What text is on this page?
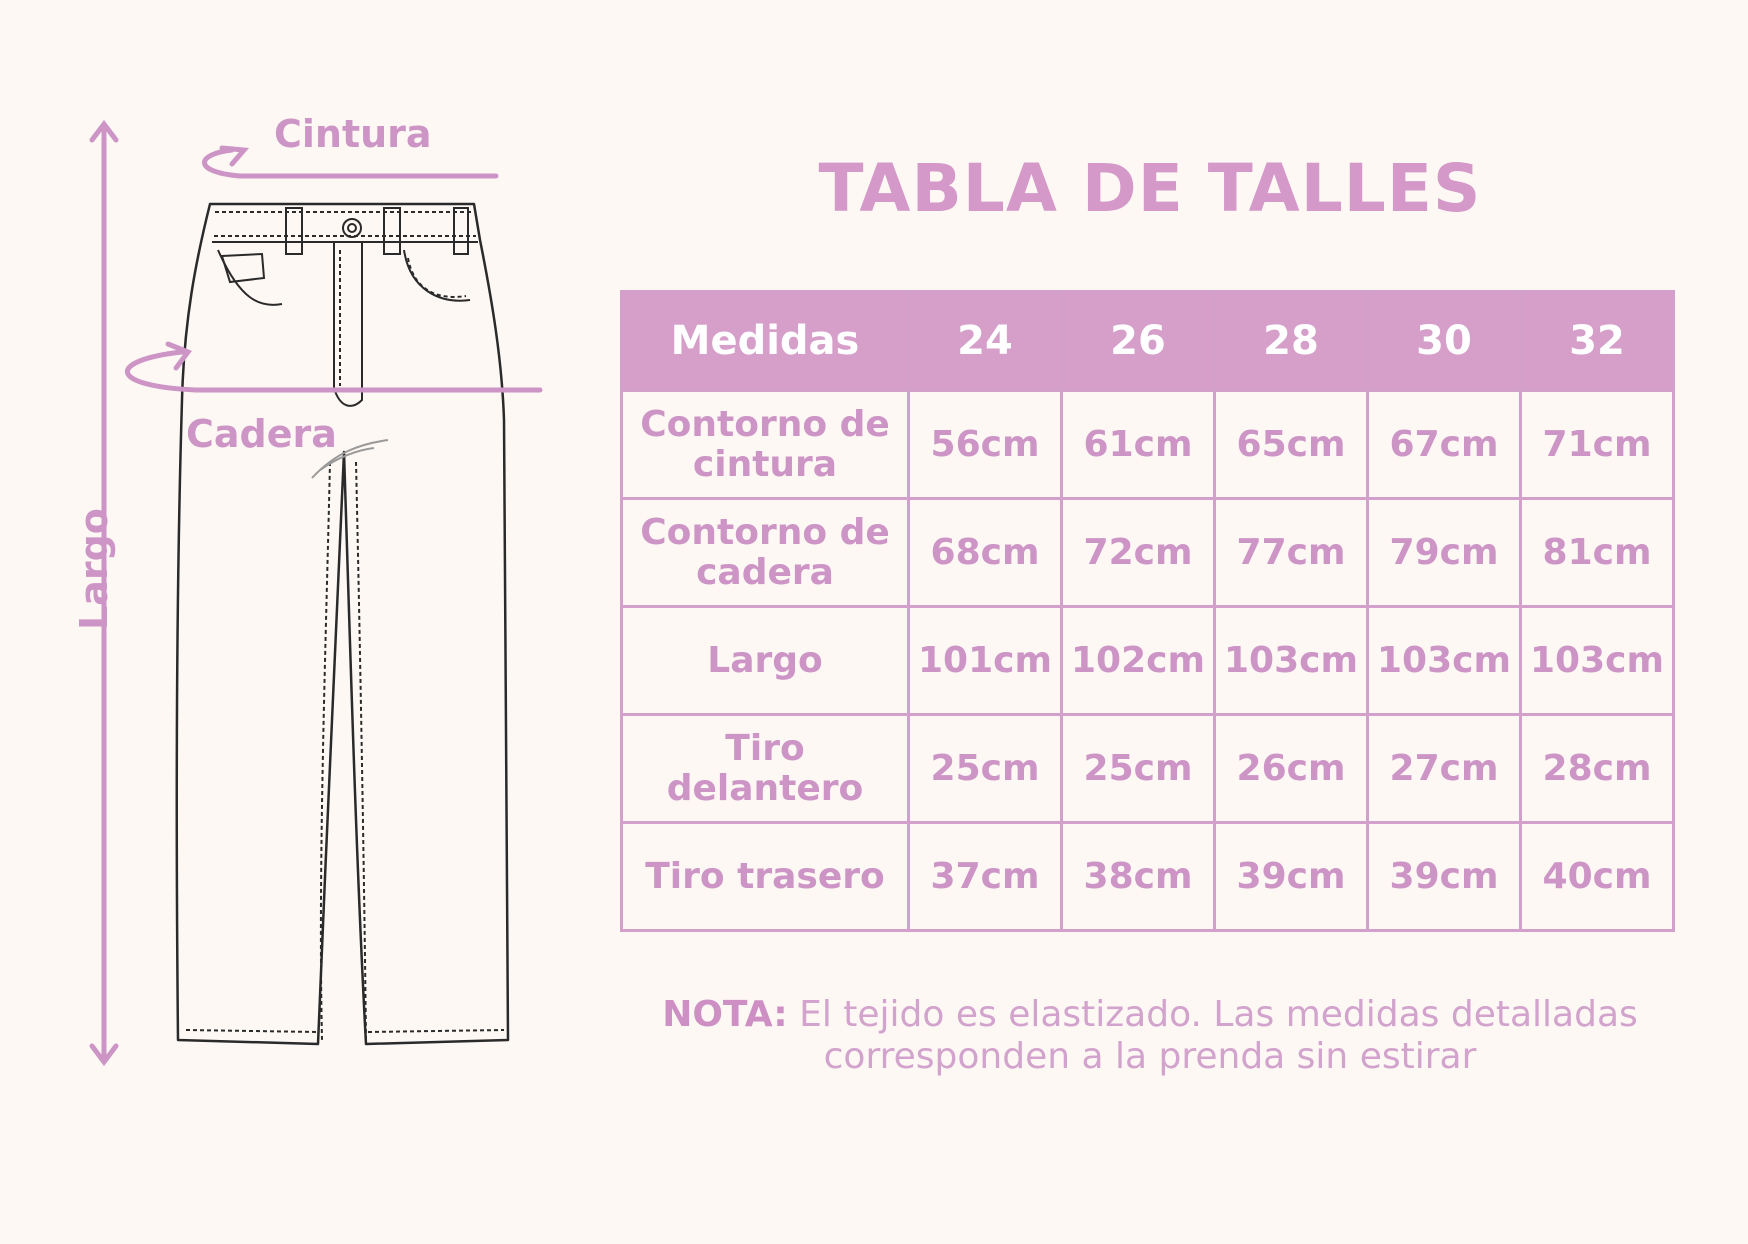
Cintura
Cadera
Largo
TABLA DE TALLES
Medidas	24	26	28	30	32
Contorno de cintura	56cm	61cm	65cm	67cm	71cm
Contorno de cadera	68cm	72cm	77cm	79cm	81cm
Largo	101cm	102cm	103cm	103cm	103cm
Tiro delantero	25cm	25cm	26cm	27cm	28cm
Tiro trasero	37cm	38cm	39cm	39cm	40cm
NOTA: El tejido es elastizado. Las medidas detalladas corresponden a la prenda sin estirar
